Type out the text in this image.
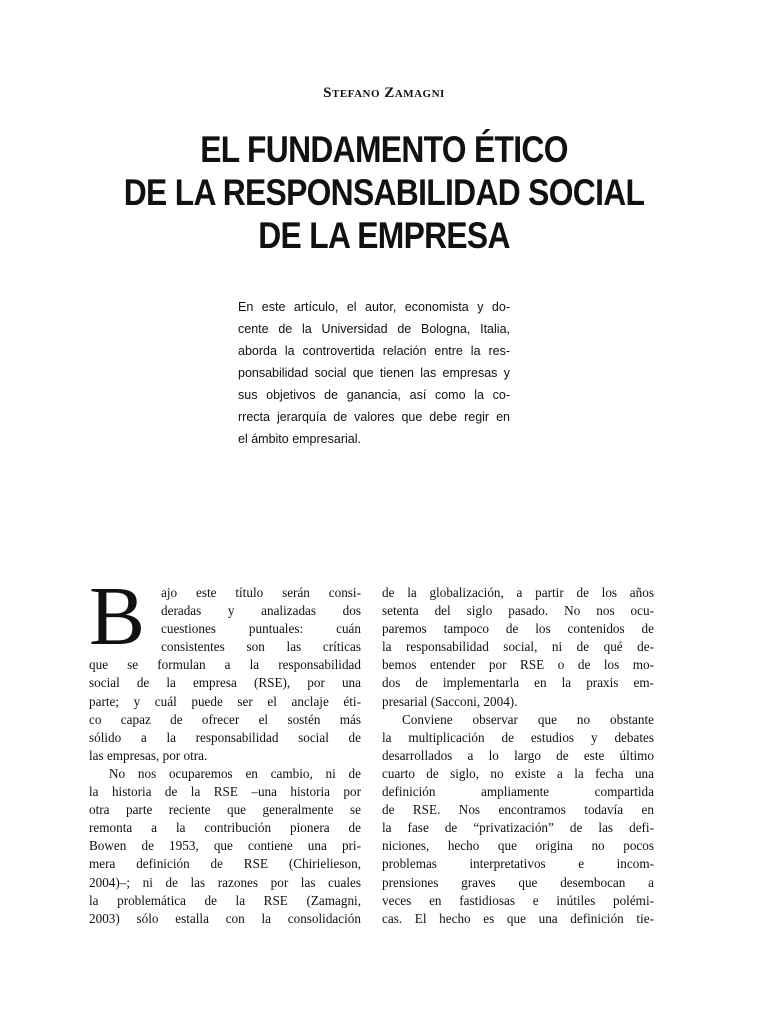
Stefano Zamagni
EL FUNDAMENTO ÉTICO
DE LA RESPONSABILIDAD SOCIAL
DE LA EMPRESA
En este artículo, el autor, economista y do-
cente de la Universidad de Bologna, Italia,
aborda la controvertida relación entre la res-
ponsabilidad social que tienen las empresas y
sus objetivos de ganancia, así como la co-
rrecta jerarquía de valores que debe regir en
el ámbito empresarial.
B	ajo este título serán consi-
deradas y analizadas dos
cuestiones puntuales: cuán
consistentes son las críticas
que se formulan a la responsabilidad
social de la empresa (RSE), por una
parte; y cuál puede ser el anclaje éti-
co capaz de ofrecer el sostén más
sólido a la responsabilidad social de
las empresas, por otra.
No nos ocuparemos en cambio, ni de
la historia de la RSE –una historia por
otra parte reciente que generalmente se
remonta a la contribución pionera de
Bowen de 1953, que contiene una pri-
mera definición de RSE (Chirielieson,
2004)–; ni de las razones por las cuales
la problemática de la RSE (Zamagni,
2003) sólo estalla con la consolidación
de la globalización, a partir de los años
setenta del siglo pasado. No nos ocu-
paremos tampoco de los contenidos de
la responsabilidad social, ni de qué de-
bemos entender por RSE o de los mo-
dos de implementarla en la praxis em-
presarial (Sacconi, 2004).
Conviene observar que no obstante
la multiplicación de estudios y debates
desarrollados a lo largo de este último
cuarto de siglo, no existe a la fecha una
definición ampliamente compartida
de RSE. Nos encontramos todavía en
la fase de “privatización” de las defi-
niciones, hecho que origina no pocos
problemas interpretativos e incom-
prensiones graves que desembocan a
veces en fastidiosas e inútiles polémi-
cas. El hecho es que una definición tie-
